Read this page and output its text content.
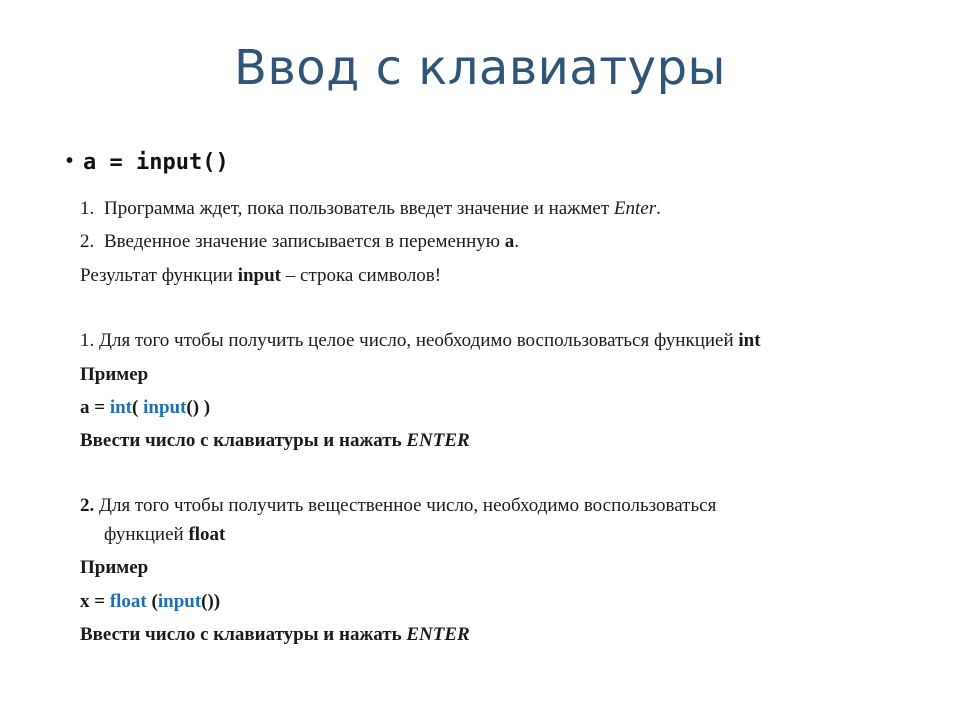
Ввод с клавиатуры
• a = input()
1. Программа ждет, пока пользователь введет значение и нажмет Enter.
2. Введенное значение записывается в переменную a.
Результат функции input – строка символов!
1. Для того чтобы получить целое число, необходимо воспользоваться функцией int
Пример
a = int( input() )
Ввести число с клавиатуры и нажать ENTER
2. Для того чтобы получить вещественное число, необходимо воспользоваться
функцией float
Пример
x = float (input())
Ввести число с клавиатуры и нажать ENTER
